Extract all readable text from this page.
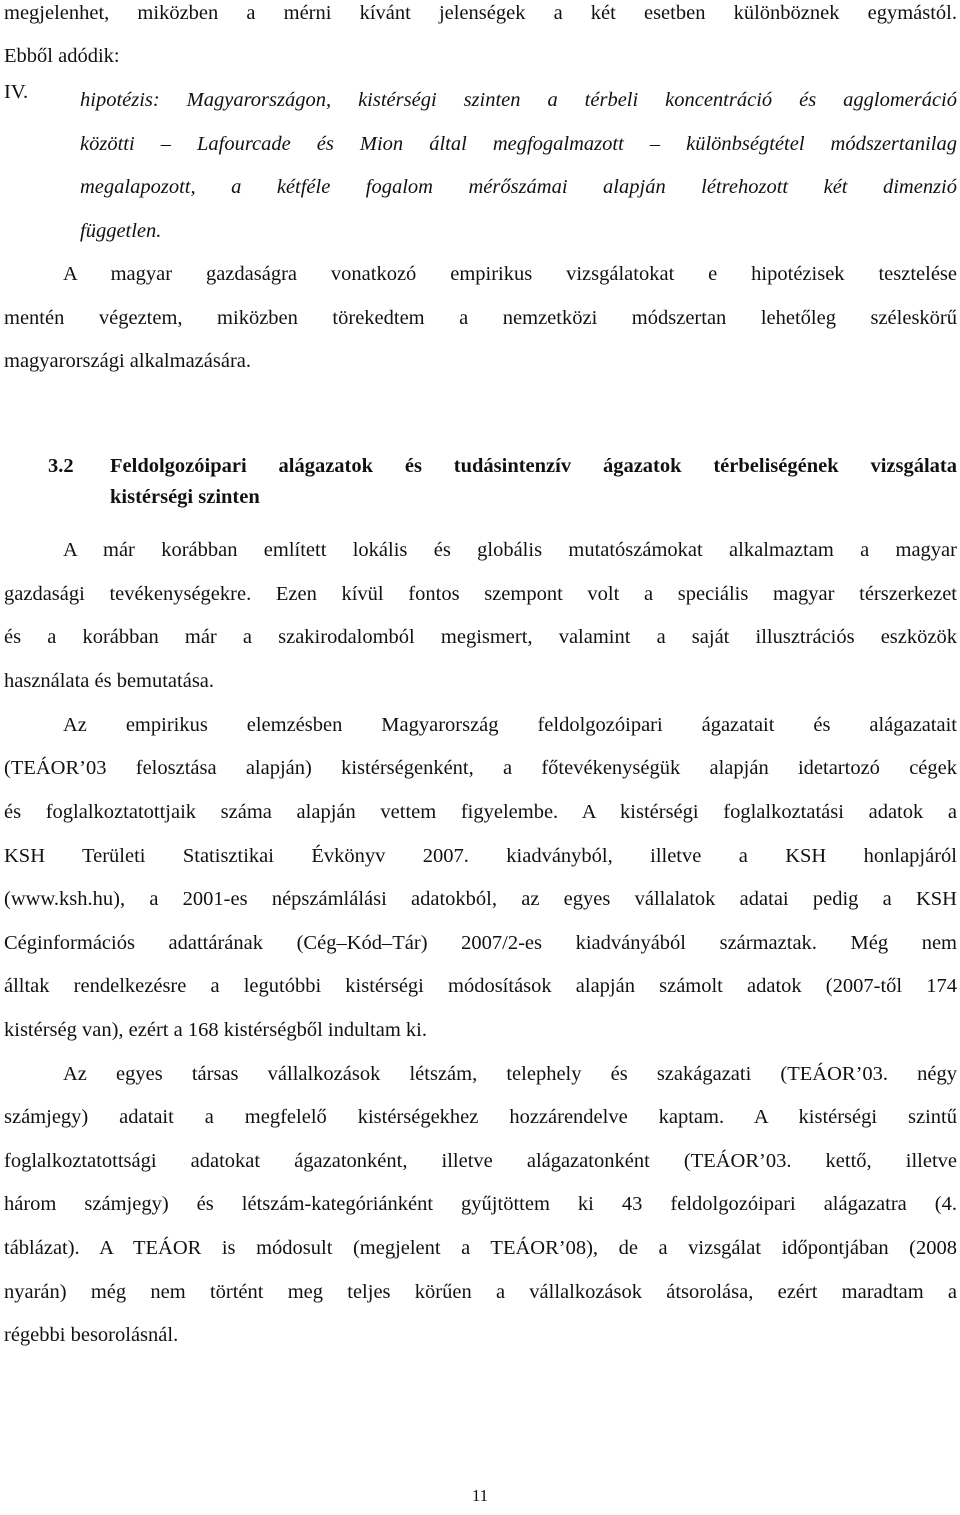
megjelenhet, miközben a mérni kívánt jelenségek a két esetben különböznek egymástól.
Ebből adódik:
IV.	hipotézis: Magyarországon, kistérségi szinten a térbeli koncentráció és agglomeráció
közötti – Lafourcade és Mion által megfogalmazott – különbségtétel módszertanilag
megalapozott, a kétféle fogalom mérőszámai alapján létrehozott két dimenzió
független.
A magyar gazdaságra vonatkozó empirikus vizsgálatokat e hipotézisek tesztelése
mentén végeztem, miközben törekedtem a nemzetközi módszertan lehetőleg széleskörű
magyarországi alkalmazására.
3.2 Feldolgozóipari alágazatok és tudásintenzív ágazatok térbeliségének vizsgálata
kistérségi szinten
A már korábban említett lokális és globális mutatószámokat alkalmaztam a magyar
gazdasági tevékenységekre. Ezen kívül fontos szempont volt a speciális magyar térszerkezet
és a korábban már a szakirodalomból megismert, valamint a saját illusztrációs eszközök
használata és bemutatása.
Az empirikus elemzésben Magyarország feldolgozóipari ágazatait és alágazatait
(TEÁOR’03 felosztása alapján) kistérségenként, a főtevékenységük alapján idetartozó cégek
és foglalkoztatottjaik száma alapján vettem figyelembe. A kistérségi foglalkoztatási adatok a
KSH Területi Statisztikai Évkönyv 2007. kiadványból, illetve a KSH honlapjáról
(www.ksh.hu), a 2001-es népszámlálási adatokból, az egyes vállalatok adatai pedig a KSH
Céginformációs adattárának (Cég–Kód–Tár) 2007/2-es kiadványából származtak. Még nem
álltak rendelkezésre a legutóbbi kistérségi módosítások alapján számolt adatok (2007-től 174
kistérség van), ezért a 168 kistérségből indultam ki.
Az egyes társas vállalkozások létszám, telephely és szakágazati (TEÁOR’03. négy
számjegy) adatait a megfelelő kistérségekhez hozzárendelve kaptam. A kistérségi szintű
foglalkoztatottsági adatokat ágazatonként, illetve alágazatonként (TEÁOR’03. kettő, illetve
három számjegy) és létszám-kategóriánként gyűjtöttem ki 43 feldolgozóipari alágazatra (4.
táblázat). A TEÁOR is módosult (megjelent a TEÁOR’08), de a vizsgálat időpontjában (2008
nyarán) még nem történt meg teljes körűen a vállalkozások átsorolása, ezért maradtam a
régebbi besorolásnál.
11
